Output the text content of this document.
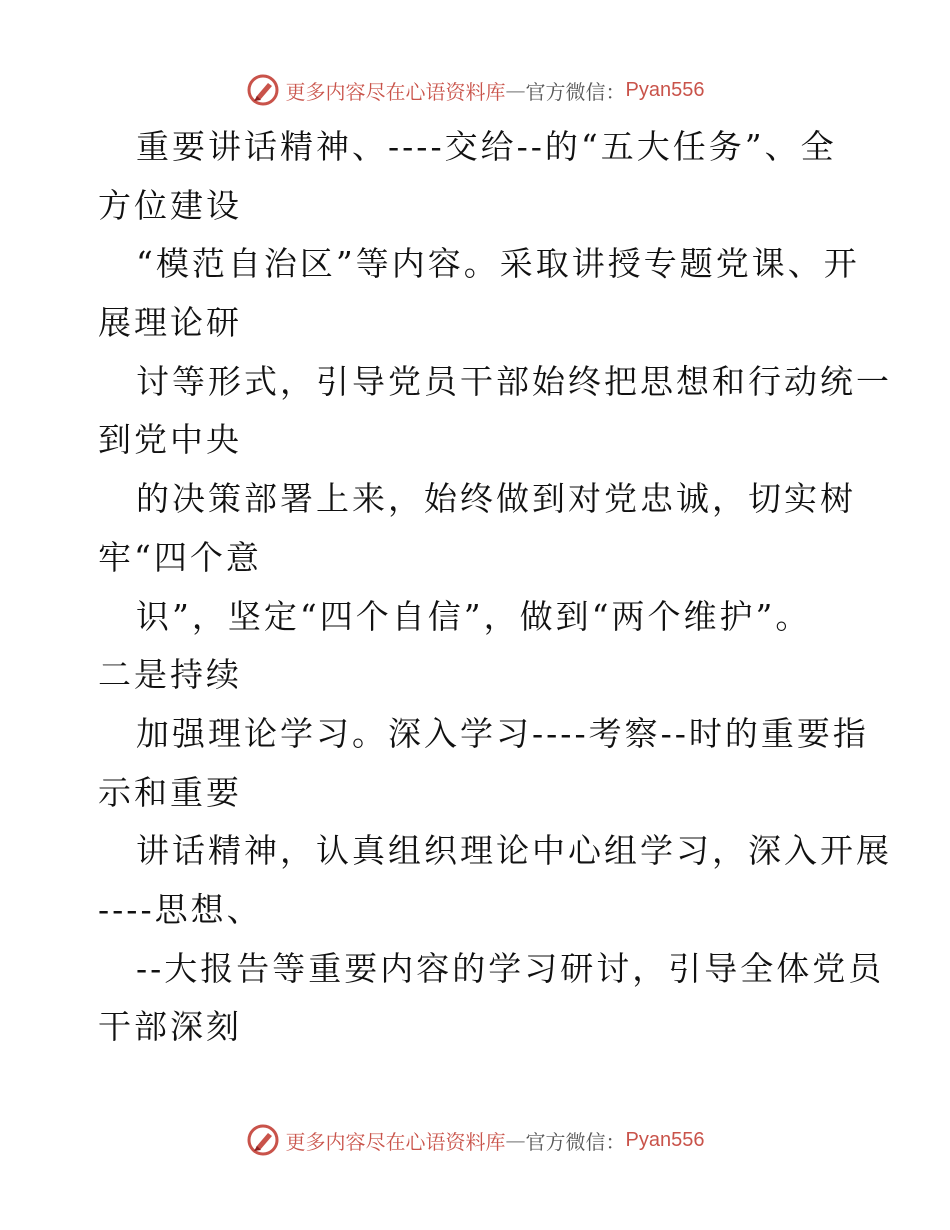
更多内容尽在心语资料库 — 官方微信： Pyan556
重要讲话精神、----交给--的“五大任务”、全
方位建设
“模范自治区”等内容。采取讲授专题党课、开
展理论研
讨等形式，引导党员干部始终把思想和行动统一
到党中央
的决策部署上来，始终做到对党忠诚，切实树
牢“四个意
识”，坚定“四个自信”，做到“两个维护”。
二是持续
加强理论学习。深入学习----考察--时的重要指
示和重要
讲话精神，认真组织理论中心组学习，深入开展
----思想、
--大报告等重要内容的学习研讨，引导全体党员
干部深刻
更多内容尽在心语资料库 — 官方微信： Pyan556
